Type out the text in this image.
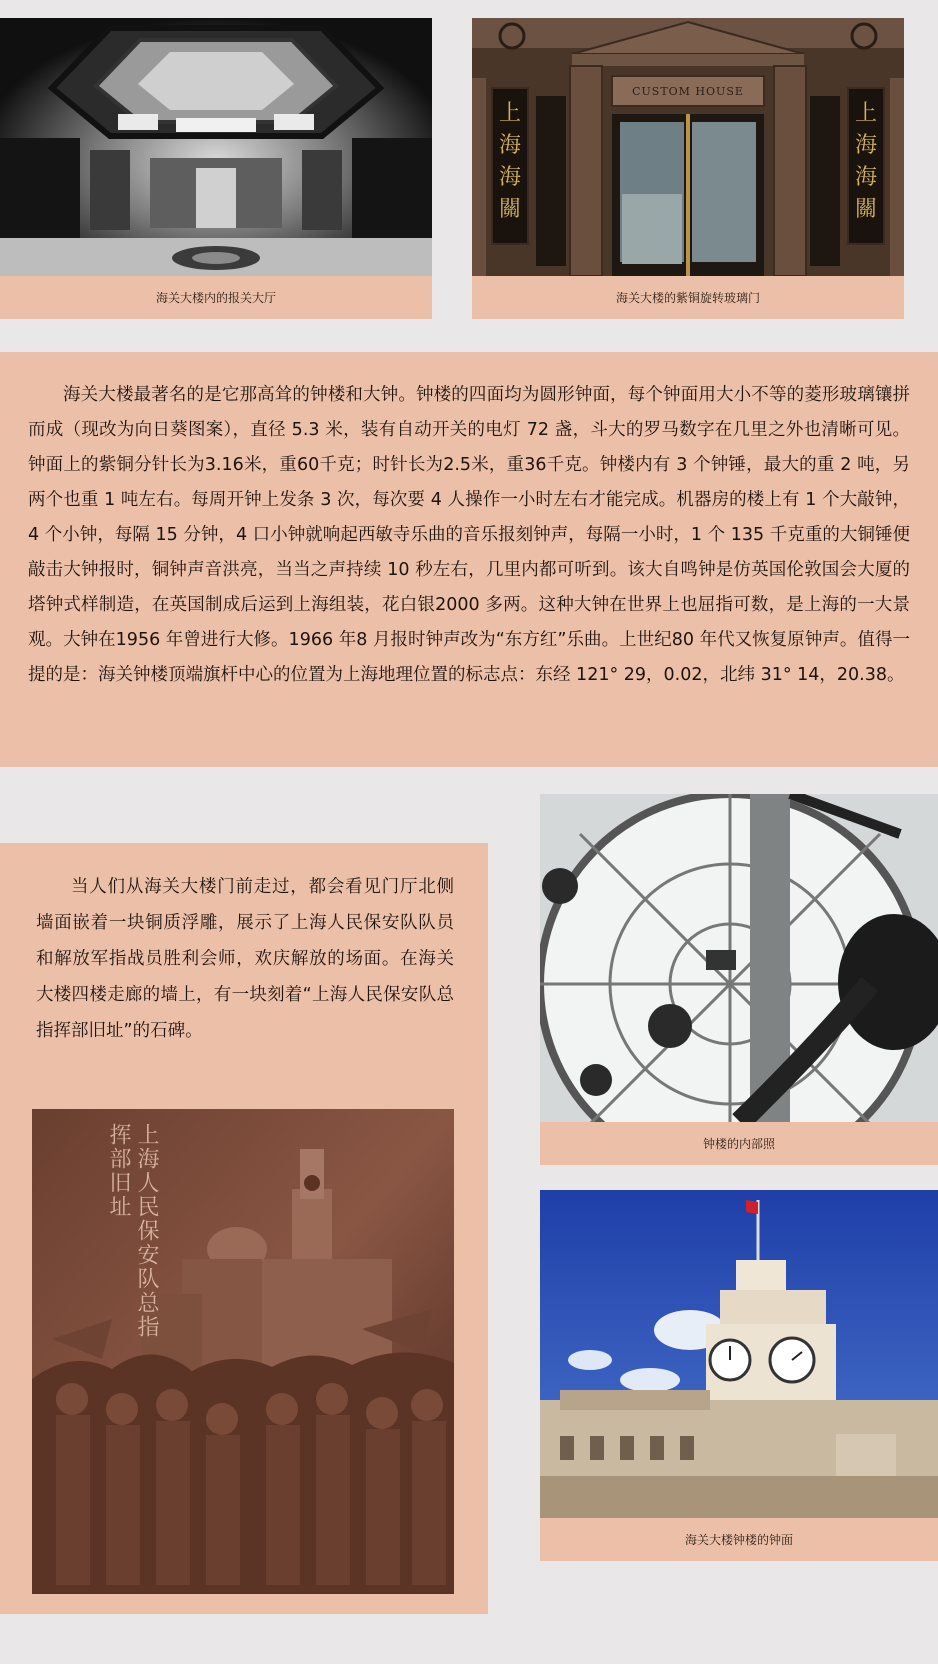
海关大楼内的报关大厅
CUSTOM HOUSE
上海海關
上海海關
海关大楼的紫铜旋转玻璃门

海关大楼最著名的是它那高耸的钟楼和大钟。钟楼的四面均为圆形钟面，每个钟面用大小不等的菱形玻璃镶拼而成（现改为向日葵图案），直径 5.3 米，装有自动开关的电灯 72 盏，斗大的罗马数字在几里之外也清晰可见。钟面上的紫铜分针长为3.16米，重60千克；时针长为2.5米，重36千克。钟楼内有 3 个钟锤，最大的重 2 吨，另两个也重 1 吨左右。每周开钟上发条 3 次，每次要 4 人操作一小时左右才能完成。机器房的楼上有 1 个大敲钟，4 个小钟，每隔 15 分钟，4 口小钟就响起西敏寺乐曲的音乐报刻钟声，每隔一小时，1 个 135 千克重的大铜锤便敲击大钟报时，铜钟声音洪亮，当当之声持续 10 秒左右，几里内都可听到。该大自鸣钟是仿英国伦敦国会大厦的塔钟式样制造，在英国制成后运到上海组装，花白银2000 多两。这种大钟在世界上也屈指可数，是上海的一大景观。大钟在1956 年曾进行大修。1966 年8 月报时钟声改为“东方红”乐曲。上世纪80 年代又恢复原钟声。值得一提的是：海关钟楼顶端旗杆中心的位置为上海地理位置的标志点：东经 121° 29，0.02，北纬 31° 14，20.38。

当人们从海关大楼门前走过，都会看见门厅北侧墙面嵌着一块铜质浮雕，展示了上海人民保安队队员和解放军指战员胜利会师，欢庆解放的场面。在海关大楼四楼走廊的墙上，有一块刻着“上海人民保安队总指挥部旧址”的石碑。

上海人民保安队总指挥部旧址	钟楼的内部照
海关大楼钟楼的钟面
